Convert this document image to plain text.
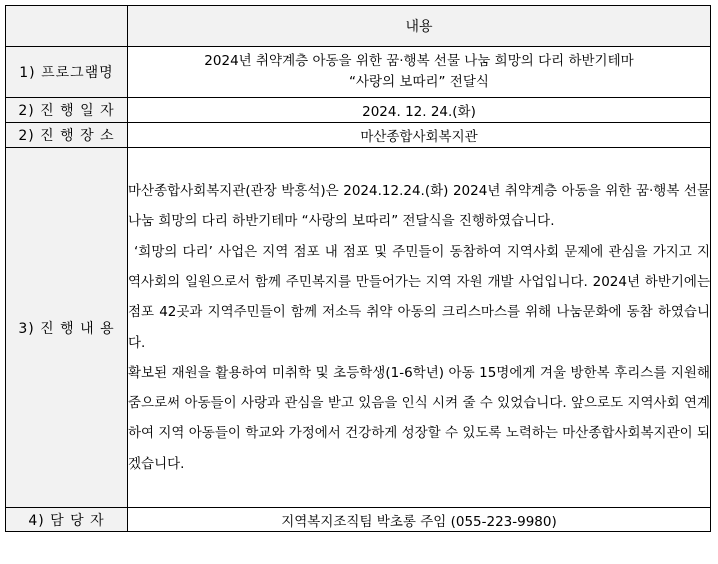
	내용
1) 프로그램명	2024년 취약계층 아동을 위한 꿈·행복 선물 나눔 희망의 다리 하반기테마
“사랑의 보따리” 전달식

2) 진 행 일 자	2024. 12. 24.(화)
2) 진 행 장 소	마산종합사회복지관
3) 진 행 내 용	마산종합사회복지관(관장 박흥석)은 2024.12.24.(화) 2024년 취약계층 아동을 위한 꿈·행복 선물 나눔 희망의 다리 하반기테마 “사랑의 보따리” 전달식을 진행하였습니다.

‘희망의 다리’ 사업은 지역 점포 내 점포 및 주민들이 동참하여 지역사회 문제에 관심을 가지고 지역사회의 일원으로서 함께 주민복지를 만들어가는 지역 자원 개발 사업입니다. 2024년 하반기에는 점포 42곳과 지역주민들이 함께 저소득 취약 아동의 크리스마스를 위해 나눔문화에 동참 하였습니다.

확보된 재원을 활용하여 미취학 및 초등학생(1-6학년) 아동 15명에게 겨울 방한복 후리스를 지원해줌으로써 아동들이 사랑과 관심을 받고 있음을 인식 시켜 줄 수 있었습니다. 앞으로도 지역사회 연계하여 지역 아동들이 학교와 가정에서 건강하게 성장할 수 있도록 노력하는 마산종합사회복지관이 되겠습니다.

4) 담 당 자	지역복지조직팀 박초롱 주임 (055-223-9980)
